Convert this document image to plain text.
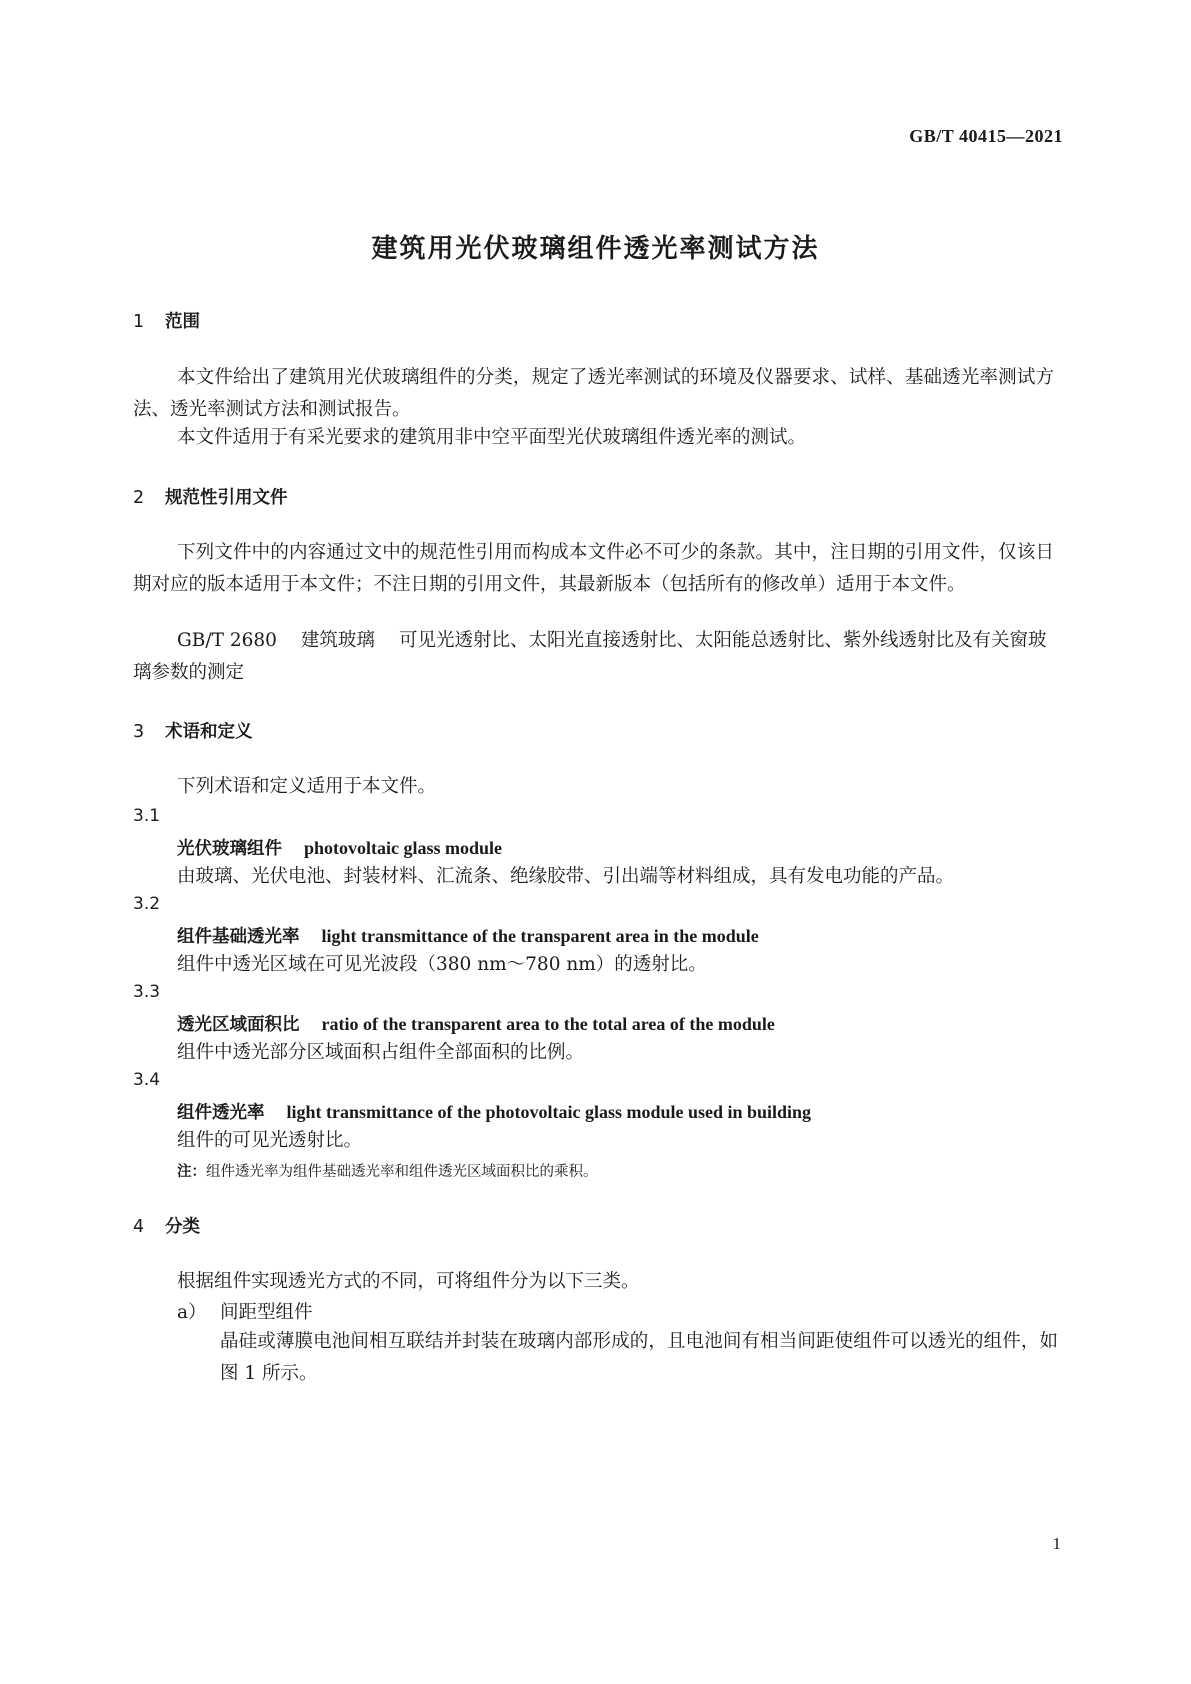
GB/T 40415—2021
建筑用光伏玻璃组件透光率测试方法
1 范围
本文件给出了建筑用光伏玻璃组件的分类，规定了透光率测试的环境及仪器要求、试样、基础透光率测试方法、透光率测试方法和测试报告。
本文件适用于有采光要求的建筑用非中空平面型光伏玻璃组件透光率的测试。
2 规范性引用文件
下列文件中的内容通过文中的规范性引用而构成本文件必不可少的条款。其中，注日期的引用文件，仅该日期对应的版本适用于本文件；不注日期的引用文件，其最新版本（包括所有的修改单）适用于本文件。
GB/T 2680 建筑玻璃 可见光透射比、太阳光直接透射比、太阳能总透射比、紫外线透射比及有关窗玻璃参数的测定
3 术语和定义
下列术语和定义适用于本文件。
3.1
光伏玻璃组件 photovoltaic glass module
由玻璃、光伏电池、封装材料、汇流条、绝缘胶带、引出端等材料组成，具有发电功能的产品。
3.2
组件基础透光率 light transmittance of the transparent area in the module
组件中透光区域在可见光波段（380 nm～780 nm）的透射比。
3.3
透光区域面积比 ratio of the transparent area to the total area of the module
组件中透光部分区域面积占组件全部面积的比例。
3.4
组件透光率 light transmittance of the photovoltaic glass module used in building
组件的可见光透射比。
注：组件透光率为组件基础透光率和组件透光区域面积比的乘积。
4 分类
根据组件实现透光方式的不同，可将组件分为以下三类。
a） 间距型组件
晶硅或薄膜电池间相互联结并封装在玻璃内部形成的，且电池间有相当间距使组件可以透光的组件，如图 1 所示。
1
